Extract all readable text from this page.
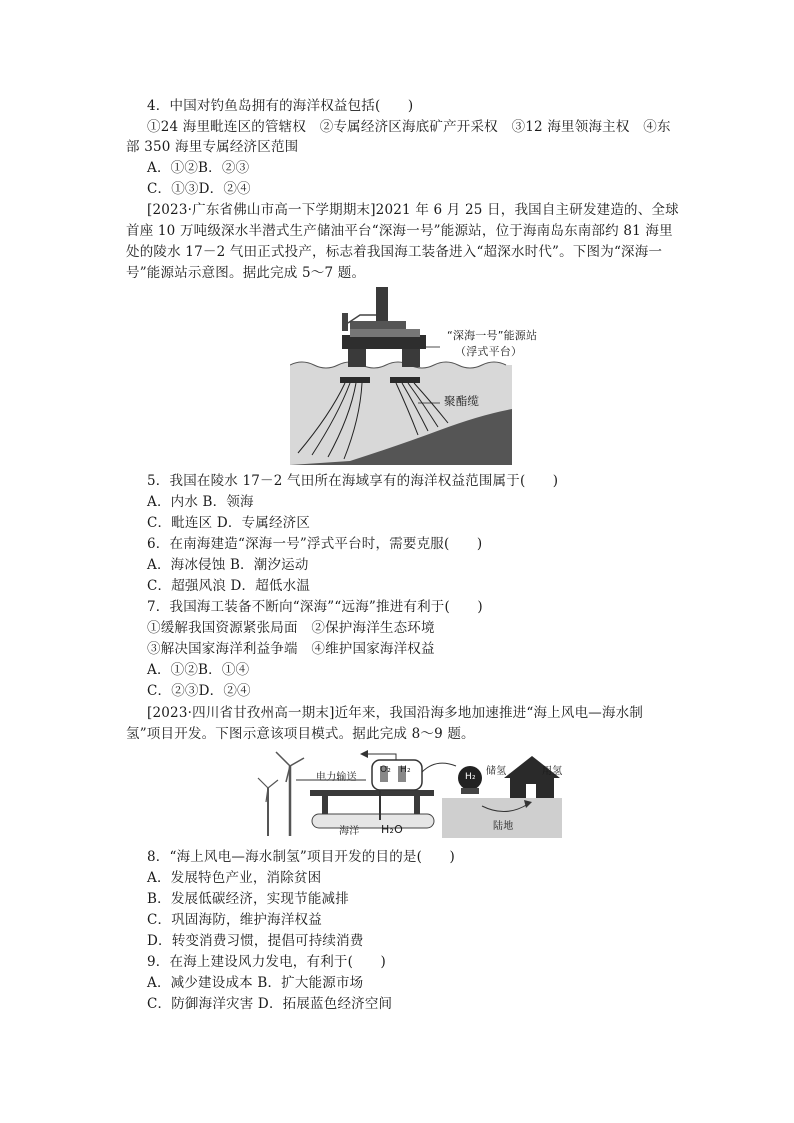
4．中国对钓鱼岛拥有的海洋权益包括(　　)
①24 海里毗连区的管辖权　②专属经济区海底矿产开采权　③12 海里领海主权　④东
部 350 海里专属经济区范围
A．①②B．②③
C．①③D．②④
[2023·广东省佛山市高一下学期期末]2021 年 6 月 25 日，我国自主研发建造的、全球
首座 10 万吨级深水半潜式生产储油平台“深海一号”能源站，位于海南岛东南部约 81 海里
处的陵水 17－2 气田正式投产，标志着我国海工装备进入“超深水时代”。下图为“深海一
号”能源站示意图。据此完成 5～7 题。
“深海一号”能源站
（浮式平台）
聚酯缆
5．我国在陵水 17－2 气田所在海域享有的海洋权益范围属于(　　)
A．内水 B．领海
C．毗连区 D．专属经济区
6．在南海建造“深海一号”浮式平台时，需要克服(　　)
A．海冰侵蚀 B．潮汐运动
C．超强风浪 D．超低水温
7．我国海工装备不断向“深海”“远海”推进有利于(　　)
①缓解我国资源紧张局面　②保护海洋生态环境
③解决国家海洋利益争端　④维护国家海洋权益
A．①②B．①④
C．②③D．②④
[2023·四川省甘孜州高一期末]近年来，我国沿海多地加速推进“海上风电—海水制
氢”项目开发。下图示意该项目模式。据此完成 8～9 题。
电力输送
O₂ H₂	储氢
H₂	用氢
海洋 H₂O	陆地
8．“海上风电—海水制氢”项目开发的目的是(　　)
A．发展特色产业，消除贫困
B．发展低碳经济，实现节能减排
C．巩固海防，维护海洋权益
D．转变消费习惯，提倡可持续消费
9．在海上建设风力发电，有利于(　　)
A．减少建设成本 B．扩大能源市场
C．防御海洋灾害 D．拓展蓝色经济空间
